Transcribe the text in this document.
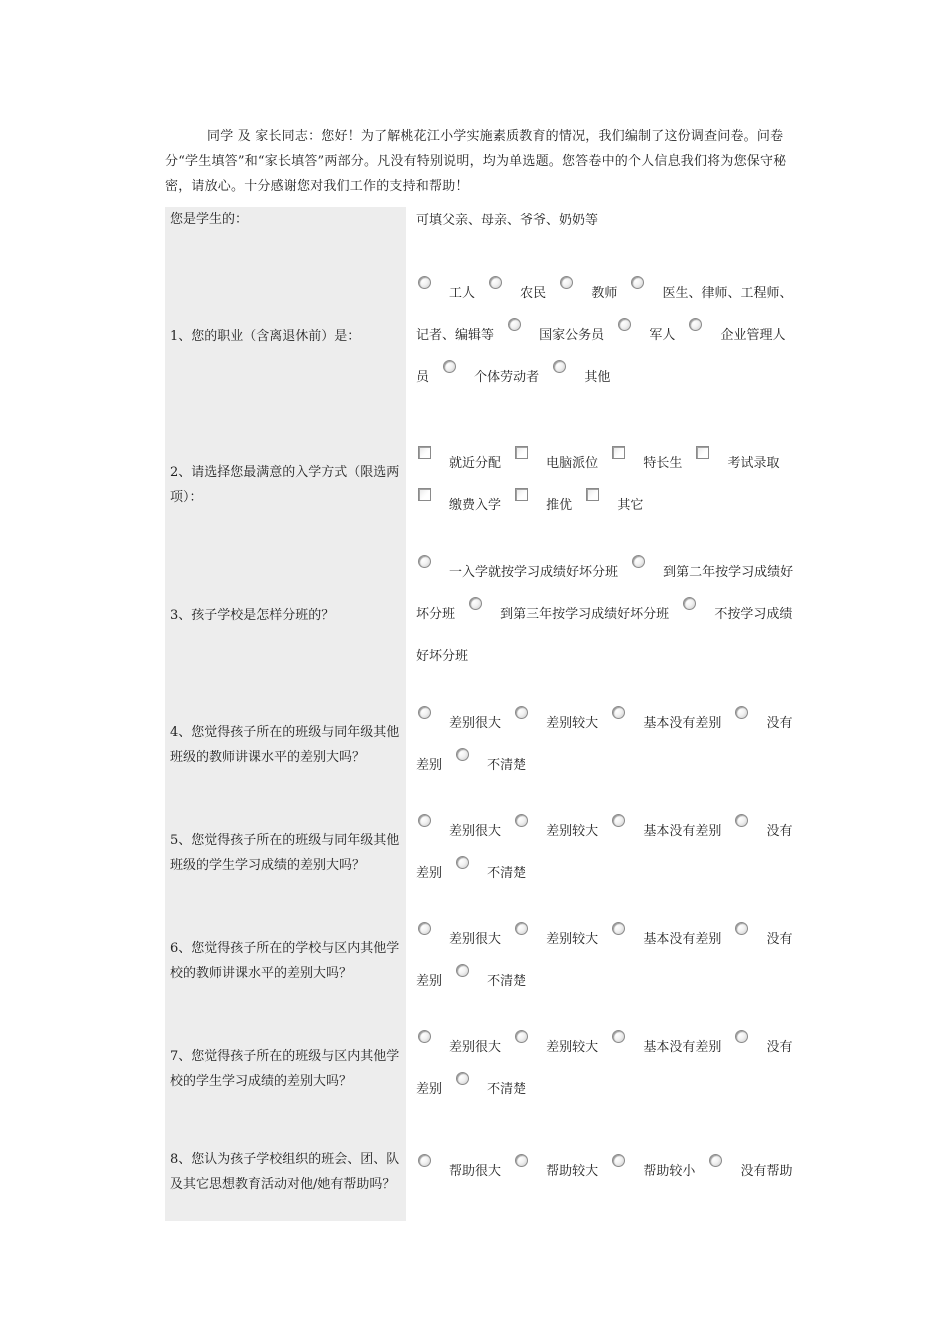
同学 及 家长同志：您好！为了解桃花江小学实施素质教育的情况，我们编制了这份调查问卷。问卷分“学生填答”和“家长填答”两部分。凡没有特别说明，均为单选题。您答卷中的个人信息我们将为您保守秘密，请放心。十分感谢您对我们工作的支持和帮助！

您是学生的：	可填父亲、母亲、爷爷、奶奶等

1、您的职业（含离退休前）是：	工人 农民 教师 医生、律师、工程师、记者、编辑等 国家公务员 军人 企业管理人员 个体劳动者 其他

2、请选择您最满意的入学方式（限选两项）：	就近分配 电脑派位 特长生 考试录取 缴费入学 推优 其它

3、孩子学校是怎样分班的？	一入学就按学习成绩好坏分班 到第二年按学习成绩好坏分班 到第三年按学习成绩好坏分班 不按学习成绩好坏分班

4、您觉得孩子所在的班级与同年级其他班级的教师讲课水平的差别大吗？	差别很大 差别较大 基本没有差别 没有差别 不清楚

5、您觉得孩子所在的班级与同年级其他班级的学生学习成绩的差别大吗？	差别很大 差别较大 基本没有差别 没有差别 不清楚

6、您觉得孩子所在的学校与区内其他学校的教师讲课水平的差别大吗？	差别很大 差别较大 基本没有差别 没有差别 不清楚

7、您觉得孩子所在的班级与区内其他学校的学生学习成绩的差别大吗？	差别很大 差别较大 基本没有差别 没有差别 不清楚

8、您认为孩子学校组织的班会、团、队及其它思想教育活动对他/她有帮助吗？	帮助很大 帮助较大 帮助较小 没有帮助
